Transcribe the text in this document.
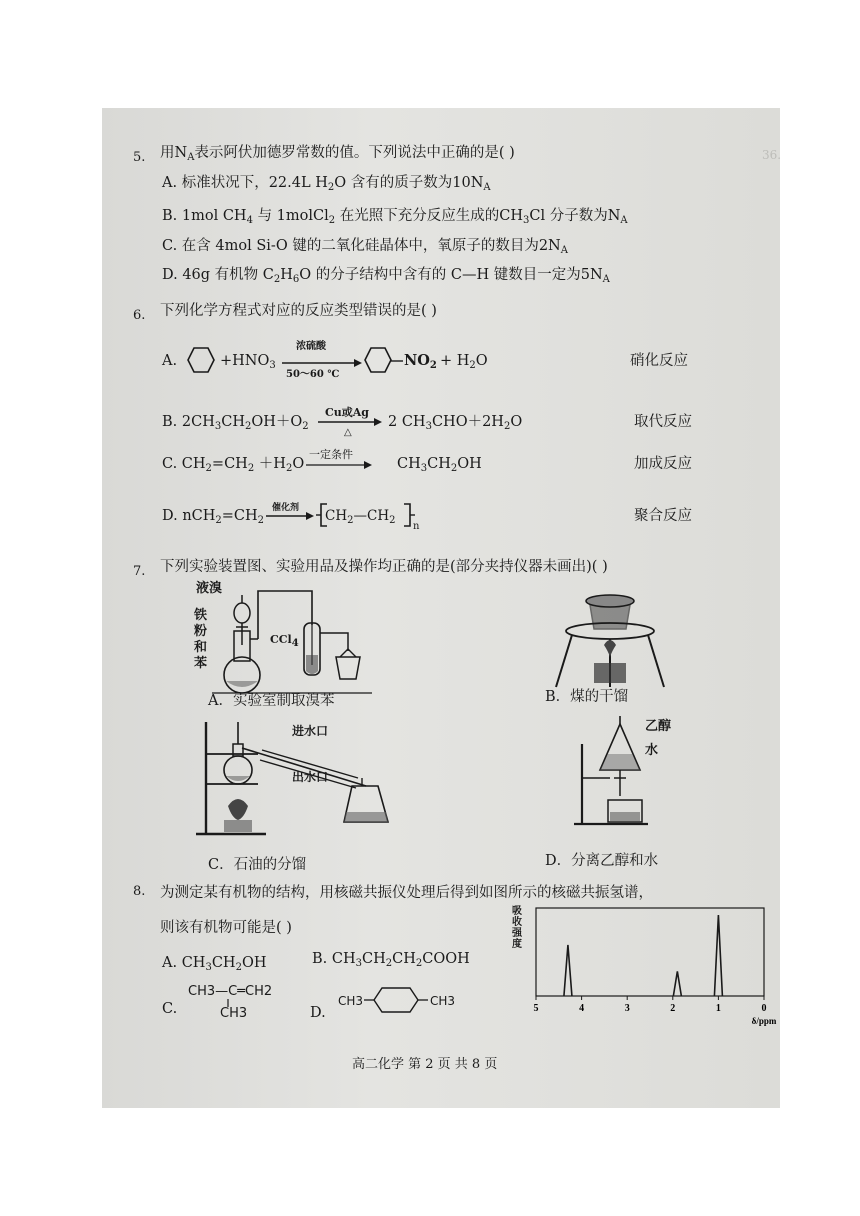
36.
5. 用$N_A$表示阿伏加德罗常数的值。下列说法中正确的是( )
A. 标准状况下，22.4L $H_2O$ 含有的质子数为$10N_A$
B. 1mol $CH_4$ 与 1molCl$_2$ 在光照下充分反应生成的$CH_3Cl$ 分子数为$N_A$
C. 在含 4mol Si-O 键的二氧化硅晶体中，氧原子的数目为$2N_A$
D. 46g 有机物 $C_2H_6O$ 的分子结构中含有的 C—H 键数目一定为$5N_A$
6. 下列化学方程式对应的反应类型错误的是( )
A.	$+HNO_3$
浓硫酸
50～60 ℃
$NO_2 + H_2O$	硝化反应
B. $2CH_3CH_2OH+O_2$
Cu或Ag
△
2 $CH_3CHO+2H_2O$	取代反应
C. $CH_2=CH_2 +H_2O$
一定条件
$CH_3CH_2OH$	加成反应
D. $nCH_2=CH_2$
催化剂 → $CH_2—CH_2$
n
聚合反应
7. 下列实验装置图、实验用品及操作均正确的是(部分夹持仪器未画出)( )
液溴
铁
粉
和
苯
CCl4
A．实验室制取溴苯	B．煤的干馏
进水口
出水口
C．石油的分馏
乙醇
水
D．分离乙醇和水
8. 为测定某有机物的结构，用核磁共振仪处理后得到如图所示的核磁共振氢谱，
则该有机物可能是( )
A. $CH_3CH_2OH$	B. $CH_3CH_2CH_2COOH$
C.
CH3—C═CH2
CH3	D.
CH3	CH3
吸
收
强
度
5	4	3	2	1	0
δ/ppm
高二化学 第 2 页 共 8 页
